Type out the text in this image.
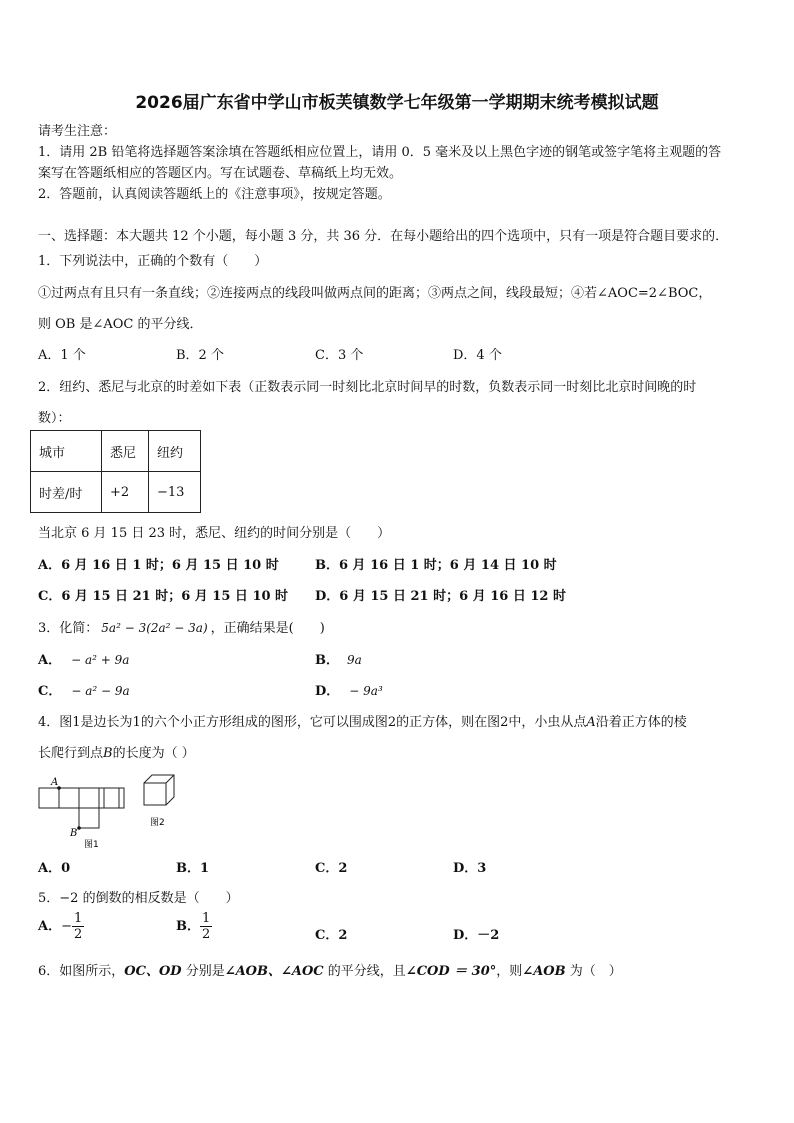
2026届广东省中学山市板芙镇数学七年级第一学期期末统考模拟试题
请考生注意：
1．请用 2B 铅笔将选择题答案涂填在答题纸相应位置上，请用 0．5 毫米及以上黑色字迹的钢笔或签字笔将主观题的答
案写在答题纸相应的答题区内。写在试题卷、草稿纸上均无效。
2．答题前，认真阅读答题纸上的《注意事项》，按规定答题。
一、选择题：本大题共 12 个小题，每小题 3 分，共 36 分．在每小题给出的四个选项中，只有一项是符合题目要求的．
1．下列说法中，正确的个数有（　　）
①过两点有且只有一条直线；②连接两点的线段叫做两点间的距离；③两点之间，线段最短；④若∠AOC=2∠BOC，
则 OB 是∠AOC 的平分线．
A．1 个	B．2 个	C．3 个	D．4 个
2．纽约、悉尼与北京的时差如下表（正数表示同一时刻比北京时间早的时数，负数表示同一时刻比北京时间晚的时
数）：
城市	悉尼	纽约
时差/时	+2	−13
当北京 6 月 15 日 23 时，悉尼、纽约的时间分别是（　　）
A．6 月 16 日 1 时；6 月 15 日 10 时	B．6 月 16 日 1 时；6 月 14 日 10 时
C．6 月 15 日 21 时；6 月 15 日 10 时 D．6 月 15 日 21 时；6 月 16 日 12 时
3．化简： 5a² − 3(2a² − 3a) ，正确结果是(　　)
A． − a² + 9a	B． 9a
C． − a² − 9a	D． − 9a³
4．图1是边长为1的六个小正方形组成的图形，它可以围成图2的正方体，则在图2中，小虫从点A沿着正方体的棱
长爬行到点B的长度为（ ）
A
B
图1
图2
A．0	B．1	C．2	D．3
5．−2 的倒数的相反数是（　　）
A．− $\frac{1}{2}$	B． $\frac{1}{2}$	C．2	D．－2
6．如图所示，OC、OD 分别是∠AOB、∠AOC 的平分线，且∠COD ＝ 30°，则∠AOB 为（　）
